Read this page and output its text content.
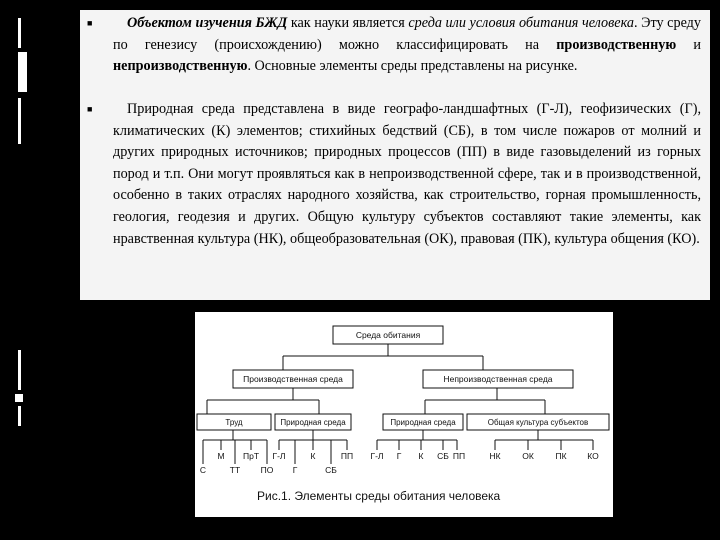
■
■

Объектом изучения БЖД как науки является среда или условия обитания человека. Эту среду по генезису (происхождению) можно классифицировать на производственную и непроизводственную. Основные элементы среды представлены на рисунке.

Природная среда представлена в виде географо-ландшафтных (Г-Л), геофизических (Г), климатических (К) элементов; стихийных бедствий (СБ), в том числе пожаров от молний и других природных источников; природных процессов (ПП) в виде газовыделений из горных пород и т.п. Они могут проявляться как в непроизводственной сфере, так и в производственной, особенно в таких отраслях народного хозяйства, как строительство, горная промышленность, геология, геодезия и других. Общую культуру субъектов составляют такие элементы, как нравственная культура (НК), общеобразовательная (ОК), правовая (ПК), культура общения (КО).

Среда обитания
Производственная среда	Непроизводственная среда
Труд	Природная среда	Природная среда	Общая культура субъектов
С
М ПрТ
ТТ ПО
Г-Л
Г
К
СБ
ПП Г-Л Г К СБ ПП	НК	ОК	ПК КО
Рис.1. Элементы среды обитания человека
